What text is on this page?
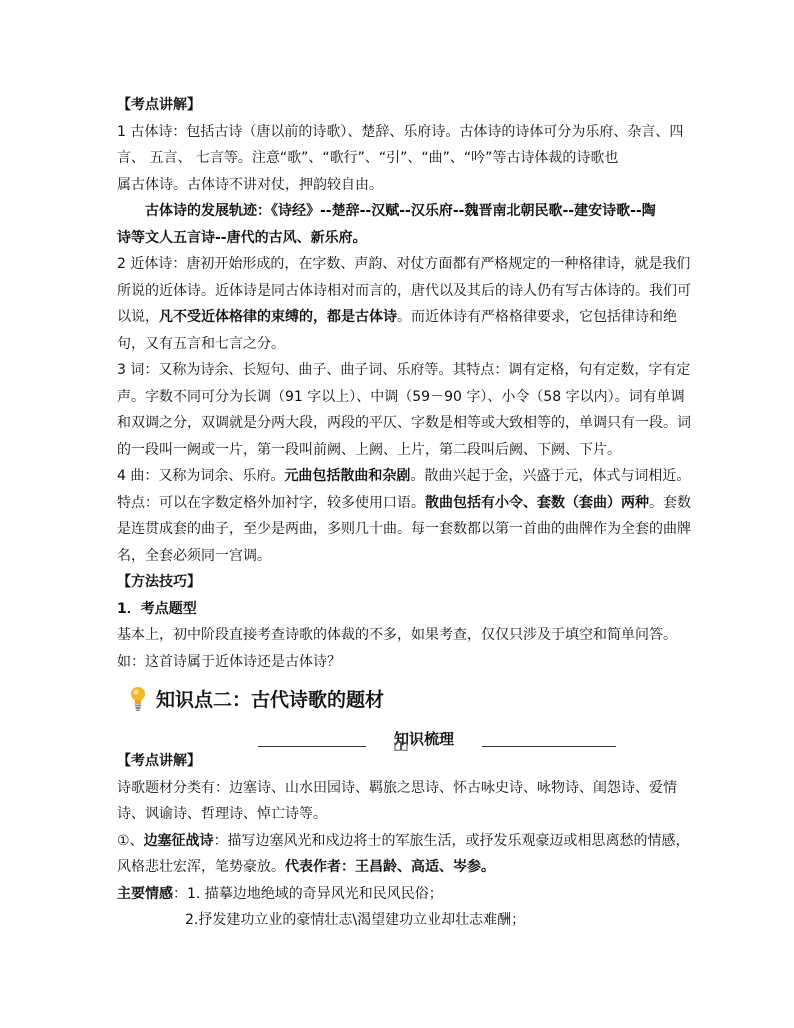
【考点讲解】
1 古体诗：包括古诗（唐以前的诗歌）、楚辞、乐府诗。古体诗的诗体可分为乐府、杂言、四
言、 五言、 七言等。注意“歌”、“歌行”、“引”、“曲”、“吟”等古诗体裁的诗歌也
属古体诗。古体诗不讲对仗，押韵较自由。
古体诗的发展轨迹：《诗经》--楚辞--汉赋--汉乐府--魏晋南北朝民歌--建安诗歌--陶
诗等文人五言诗--唐代的古风、新乐府。
2 近体诗：唐初开始形成的，在字数、声韵、对仗方面都有严格规定的一种格律诗，就是我们
所说的近体诗。近体诗是同古体诗相对而言的，唐代以及其后的诗人仍有写古体诗的。我们可
以说，凡不受近体格律的束缚的，都是古体诗。而近体诗有严格格律要求，它包括律诗和绝
句，又有五言和七言之分。
3 词：又称为诗余、长短句、曲子、曲子词、乐府等。其特点：调有定格，句有定数，字有定
声。字数不同可分为长调（91 字以上）、中调（59－90 字）、小令（58 字以内）。词有单调
和双调之分，双调就是分两大段，两段的平仄、字数是相等或大致相等的，单调只有一段。词
的一段叫一阙或一片，第一段叫前阙、上阙、上片，第二段叫后阙、下阙、下片。
4 曲：又称为词余、乐府。元曲包括散曲和杂剧。散曲兴起于金，兴盛于元，体式与词相近。
特点：可以在字数定格外加衬字，较多使用口语。散曲包括有小令、套数（套曲）两种。套数
是连贯成套的曲子，至少是两曲，多则几十曲。每一套数都以第一首曲的曲牌作为全套的曲牌
名，全套必须同一宫调。
【方法技巧】
1．考点题型
基本上，初中阶段直接考查诗歌的体裁的不多，如果考查，仅仅只涉及于填空和简单问答。
如：这首诗属于近体诗还是古体诗？
知识点二：古代诗歌的题材
知识梳理
【考点讲解】
诗歌题材分类有：边塞诗、山水田园诗、羁旅之思诗、怀古咏史诗、咏物诗、闺怨诗、爱情
诗、讽谕诗、哲理诗、悼亡诗等。
①、边塞征战诗：描写边塞风光和戍边将士的军旅生活，或抒发乐观豪迈或相思离愁的情感，
风格悲壮宏浑，笔势豪放。代表作者：王昌龄、高适、岑参。
主要情感：1. 描摹边地绝域的奇异风光和民风民俗；
2.抒发建功立业的豪情壮志\渴望建功立业却壮志难酬；
